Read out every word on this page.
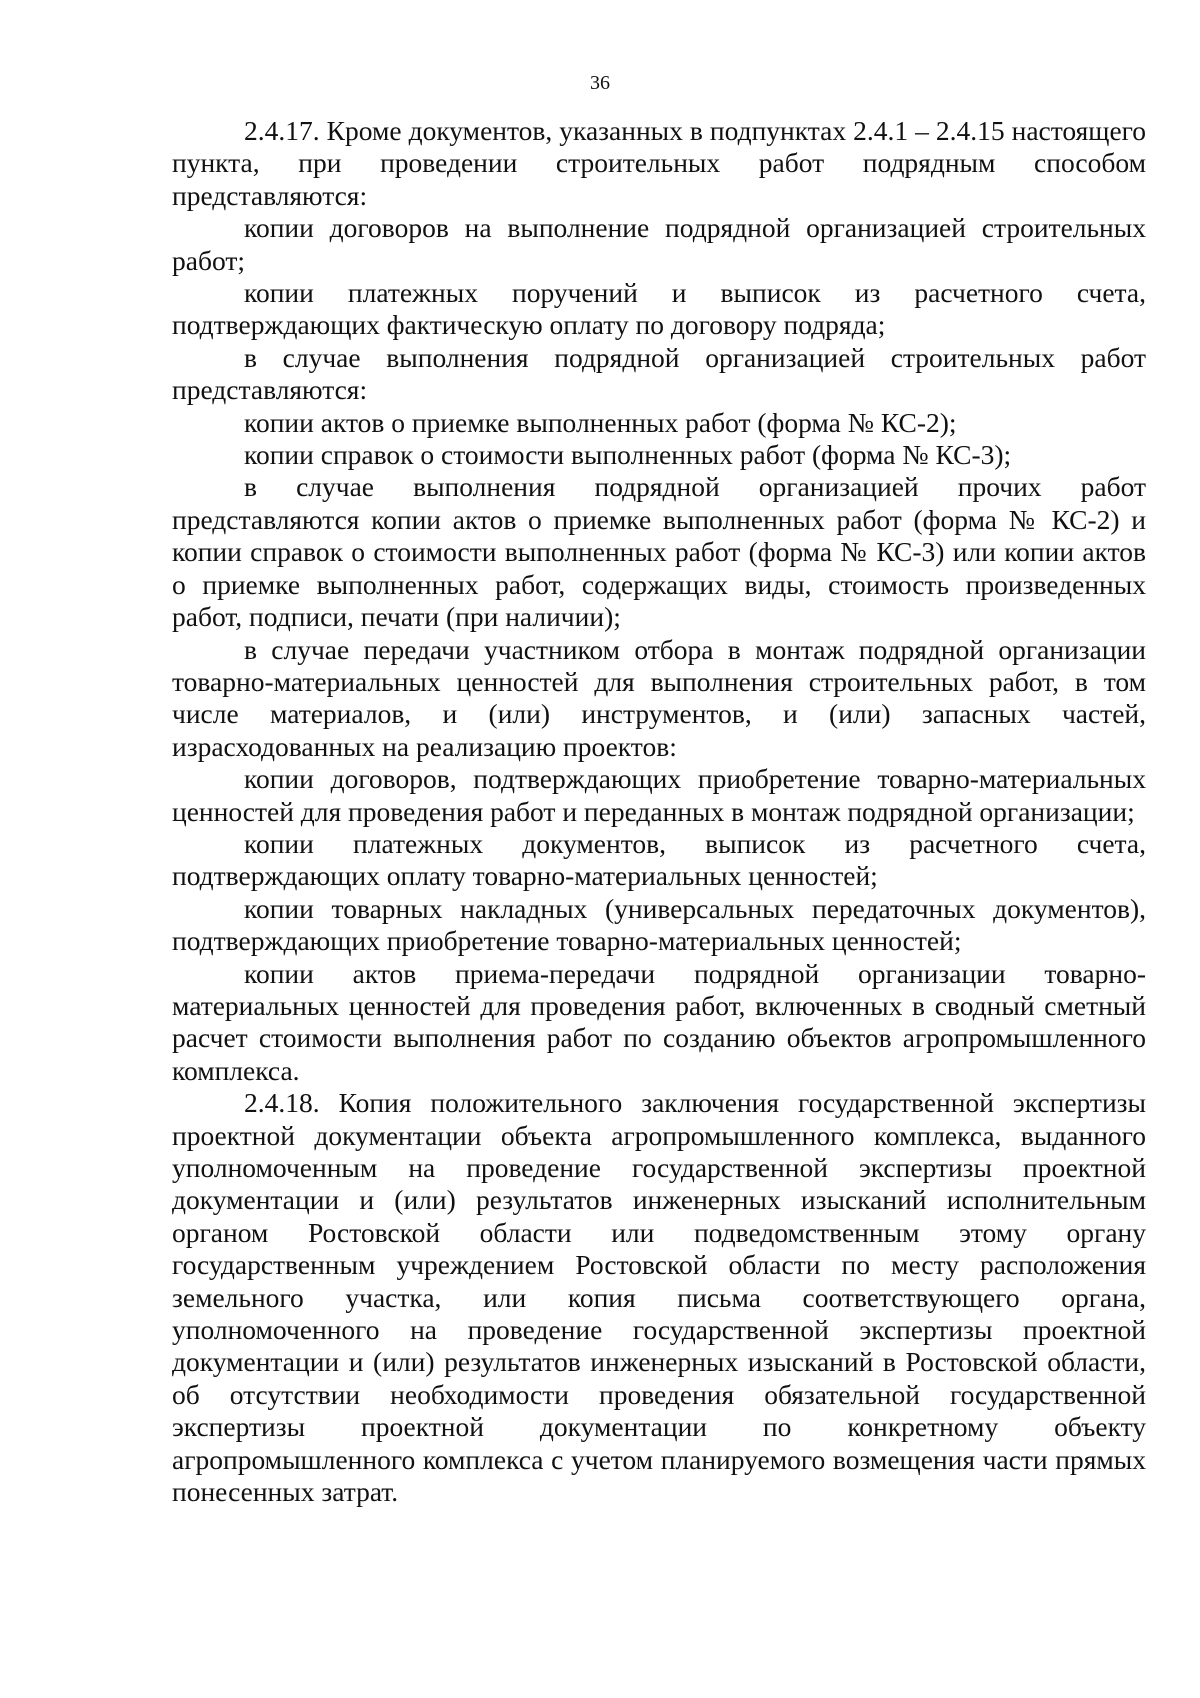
36

2.4.17. Кроме документов, указанных в подпунктах 2.4.1 – 2.4.15 настоящего пункта, при проведении строительных работ подрядным способом представляются:

копии договоров на выполнение подрядной организацией строительных работ;

копии платежных поручений и выписок из расчетного счета, подтверждающих фактическую оплату по договору подряда;

в случае выполнения подрядной организацией строительных работ представляются:

копии актов о приемке выполненных работ (форма № КС-2);

копии справок о стоимости выполненных работ (форма № КС-3);

в случае выполнения подрядной организацией прочих работ представляются копии актов о приемке выполненных работ (форма № КС-2) и копии справок о стоимости выполненных работ (форма № КС-3) или копии актов о приемке выполненных работ, содержащих виды, стоимость произведенных работ, подписи, печати (при наличии);

в случае передачи участником отбора в монтаж подрядной организации товарно-материальных ценностей для выполнения строительных работ, в том числе материалов, и (или) инструментов, и (или) запасных частей, израсходованных на реализацию проектов:

копии договоров, подтверждающих приобретение товарно-материальных ценностей для проведения работ и переданных в монтаж подрядной организации;

копии платежных документов, выписок из расчетного счета, подтверждающих оплату товарно-материальных ценностей;

копии товарных накладных (универсальных передаточных документов), подтверждающих приобретение товарно-материальных ценностей;

копии актов приема-передачи подрядной организации товарно-материальных ценностей для проведения работ, включенных в сводный сметный расчет стоимости выполнения работ по созданию объектов агропромышленного комплекса.

2.4.18. Копия положительного заключения государственной экспертизы проектной документации объекта агропромышленного комплекса, выданного уполномоченным на проведение государственной экспертизы проектной документации и (или) результатов инженерных изысканий исполнительным органом Ростовской области или подведомственным этому органу государственным учреждением Ростовской области по месту расположения земельного участка, или копия письма соответствующего органа, уполномоченного на проведение государственной экспертизы проектной документации и (или) результатов инженерных изысканий в Ростовской области, об отсутствии необходимости проведения обязательной государственной экспертизы проектной документации по конкретному объекту агропромышленного комплекса с учетом планируемого возмещения части прямых понесенных затрат.
